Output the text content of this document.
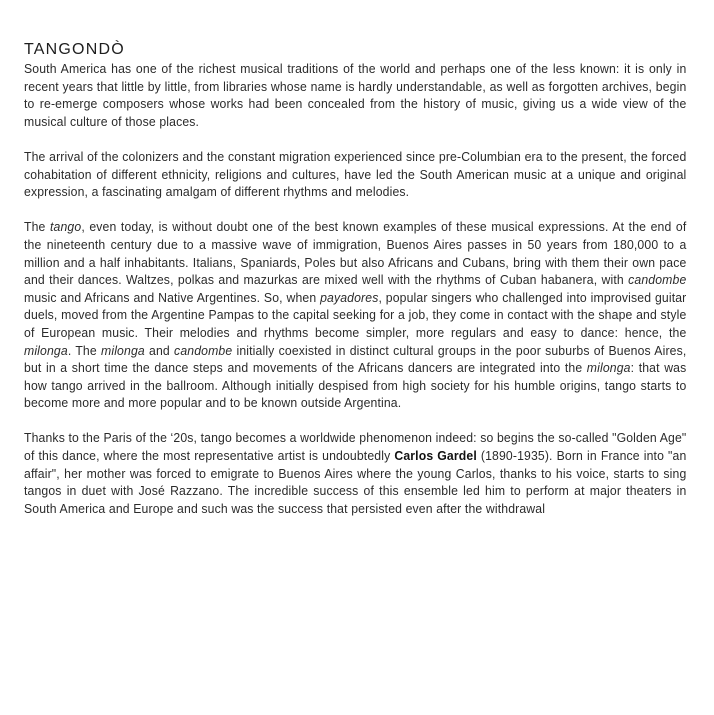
TANGONDÒ

South America has one of the richest musical traditions of the world and perhaps one of the less known: it is only in recent years that little by little, from libraries whose name is hardly understandable, as well as forgotten archives, begin to re-emerge composers whose works had been concealed from the history of music, giving us a wide view of the musical culture of those places.

The arrival of the colonizers and the constant migration experienced since pre-Columbian era to the present, the forced cohabitation of different ethnicity, religions and cultures, have led the South American music at a unique and original expression, a fascinating amalgam of different rhythms and melodies.

The tango, even today, is without doubt one of the best known examples of these musical expressions. At the end of the nineteenth century due to a massive wave of immigration, Buenos Aires passes in 50 years from 180,000 to a million and a half inhabitants. Italians, Spaniards, Poles but also Africans and Cubans, bring with them their own pace and their dances. Waltzes, polkas and mazurkas are mixed well with the rhythms of Cuban habanera, with candombe music and Africans and Native Argentines. So, when payadores, popular singers who challenged into improvised guitar duels, moved from the Argentine Pampas to the capital seeking for a job, they come in contact with the shape and style of European music. Their melodies and rhythms become simpler, more regulars and easy to dance: hence, the milonga. The milonga and candombe initially coexisted in distinct cultural groups in the poor suburbs of Buenos Aires, but in a short time the dance steps and movements of the Africans dancers are integrated into the milonga: that was how tango arrived in the ballroom. Although initially despised from high society for his humble origins, tango starts to become more and more popular and to be known outside Argentina.

Thanks to the Paris of the ‘20s, tango becomes a worldwide phenomenon indeed: so begins the so-called "Golden Age" of this dance, where the most representative artist is undoubtedly Carlos Gardel (1890-1935). Born in France into "an affair", her mother was forced to emigrate to Buenos Aires where the young Carlos, thanks to his voice, starts to sing tangos in duet with José Razzano. The incredible success of this ensemble led him to perform at major theaters in South America and Europe and such was the success that persisted even after the withdrawal
